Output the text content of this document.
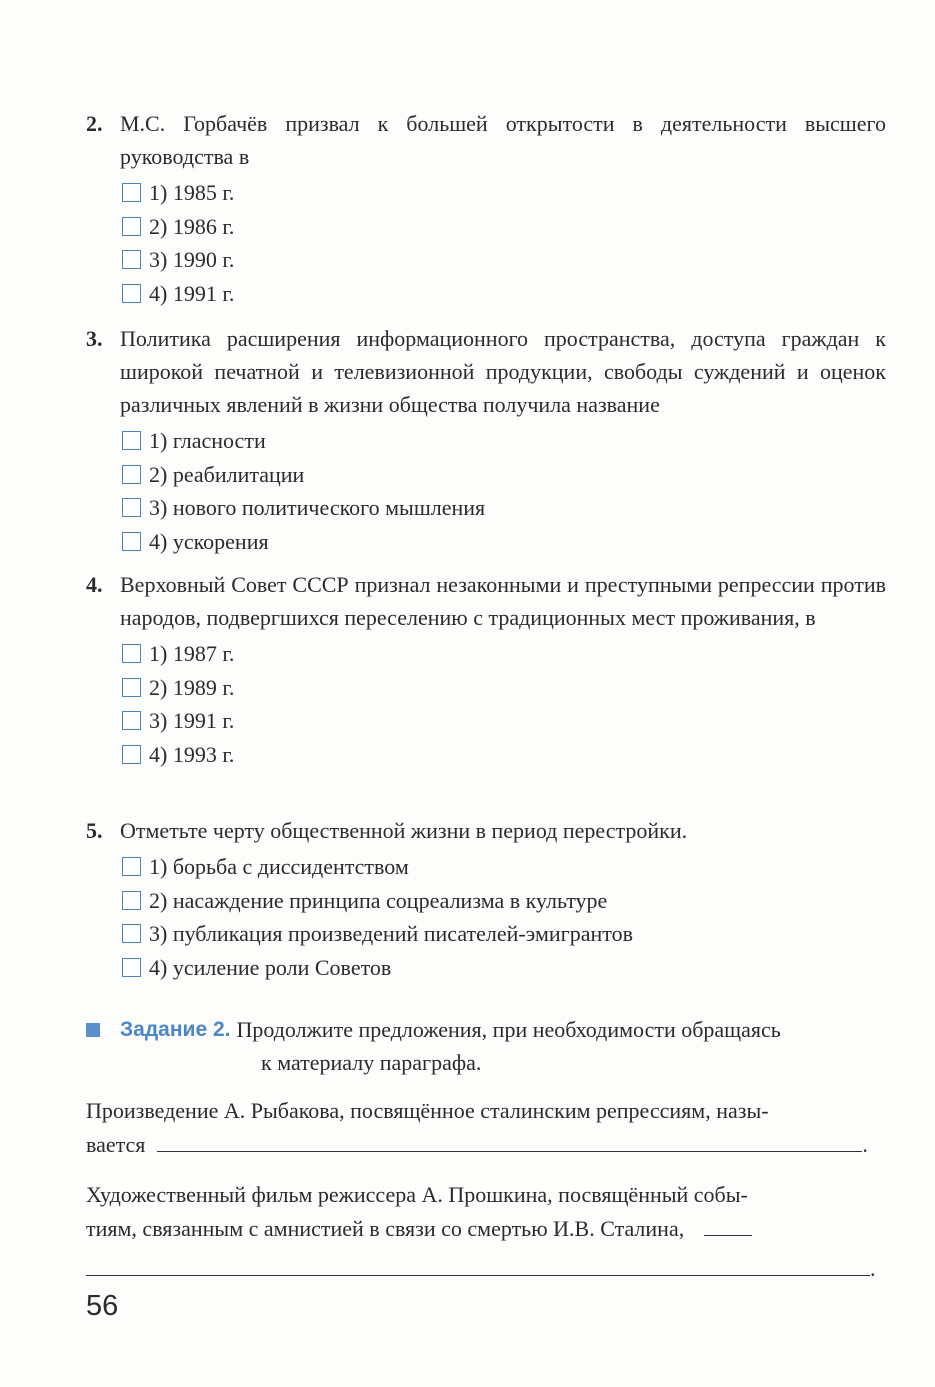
2. М.С. Горбачёв призвал к большей открытости в деятельности высшего руководства в
1) 1985 г.
2) 1986 г.
3) 1990 г.
4) 1991 г.
3. Политика расширения информационного пространства, доступа граждан к широкой печатной и телевизионной продукции, свободы суждений и оценок различных явлений в жизни общества получила название
1) гласности
2) реабилитации
3) нового политического мышления
4) ускорения
4. Верховный Совет СССР признал незаконными и преступными репрессии против народов, подвергшихся переселению с традиционных мест проживания, в
1) 1987 г.
2) 1989 г.
3) 1991 г.
4) 1993 г.
5. Отметьте черту общественной жизни в период перестройки.
1) борьба с диссидентством
2) насаждение принципа соцреализма в культуре
3) публикация произведений писателей-эмигрантов
4) усиление роли Советов
Задание 2. Продолжите предложения, при необходимости обращаясь
к материалу параграфа.
Произведение А. Рыбакова, посвящённое сталинским репрессиям, назы-
вается	.
Художественный фильм режиссера А. Прошкина, посвящённый собы-
тиям, связанным с амнистией в связи со смертью И.В. Сталина,
.
56
